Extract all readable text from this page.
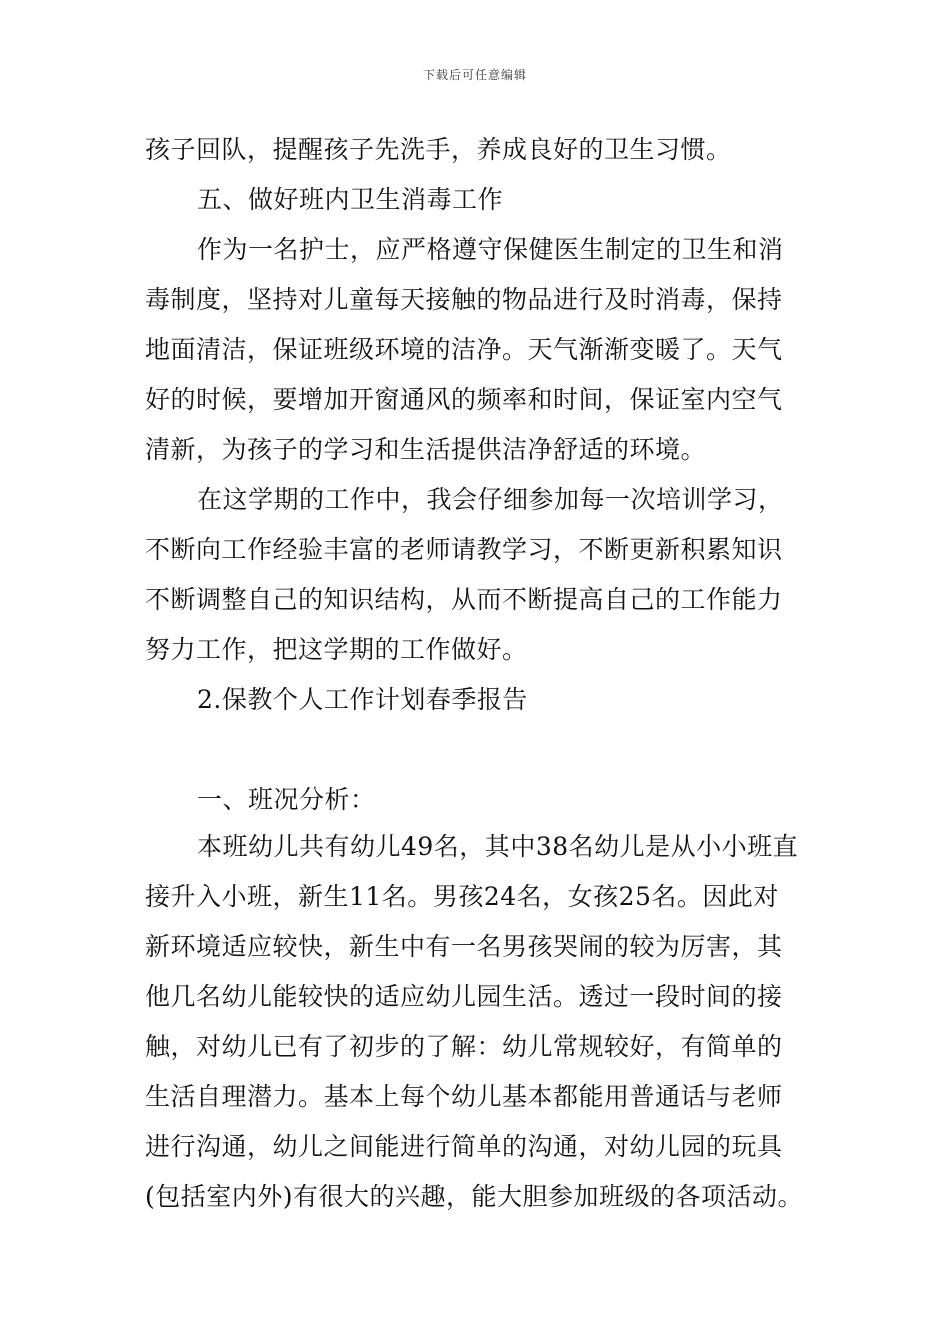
下载后可任意编辑
孩子回队，提醒孩子先洗手，养成良好的卫生习惯。
五、做好班内卫生消毒工作
作为一名护士，应严格遵守保健医生制定的卫生和消
毒制度，坚持对儿童每天接触的物品进行及时消毒，保持
地面清洁，保证班级环境的洁净。天气渐渐变暖了。天气
好的时候，要增加开窗通风的频率和时间，保证室内空气
清新，为孩子的学习和生活提供洁净舒适的环境。
在这学期的工作中，我会仔细参加每一次培训学习，
不断向工作经验丰富的老师请教学习，不断更新积累知识
不断调整自己的知识结构，从而不断提高自己的工作能力
努力工作，把这学期的工作做好。
2.保教个人工作计划春季报告
一、班况分析：
本班幼儿共有幼儿49名，其中38名幼儿是从小小班直
接升入小班，新生11名。男孩24名，女孩25名。因此对
新环境适应较快，新生中有一名男孩哭闹的较为厉害，其
他几名幼儿能较快的适应幼儿园生活。透过一段时间的接
触，对幼儿已有了初步的了解：幼儿常规较好，有简单的
生活自理潜力。基本上每个幼儿基本都能用普通话与老师
进行沟通，幼儿之间能进行简单的沟通，对幼儿园的玩具
(包括室内外)有很大的兴趣，能大胆参加班级的各项活动。
